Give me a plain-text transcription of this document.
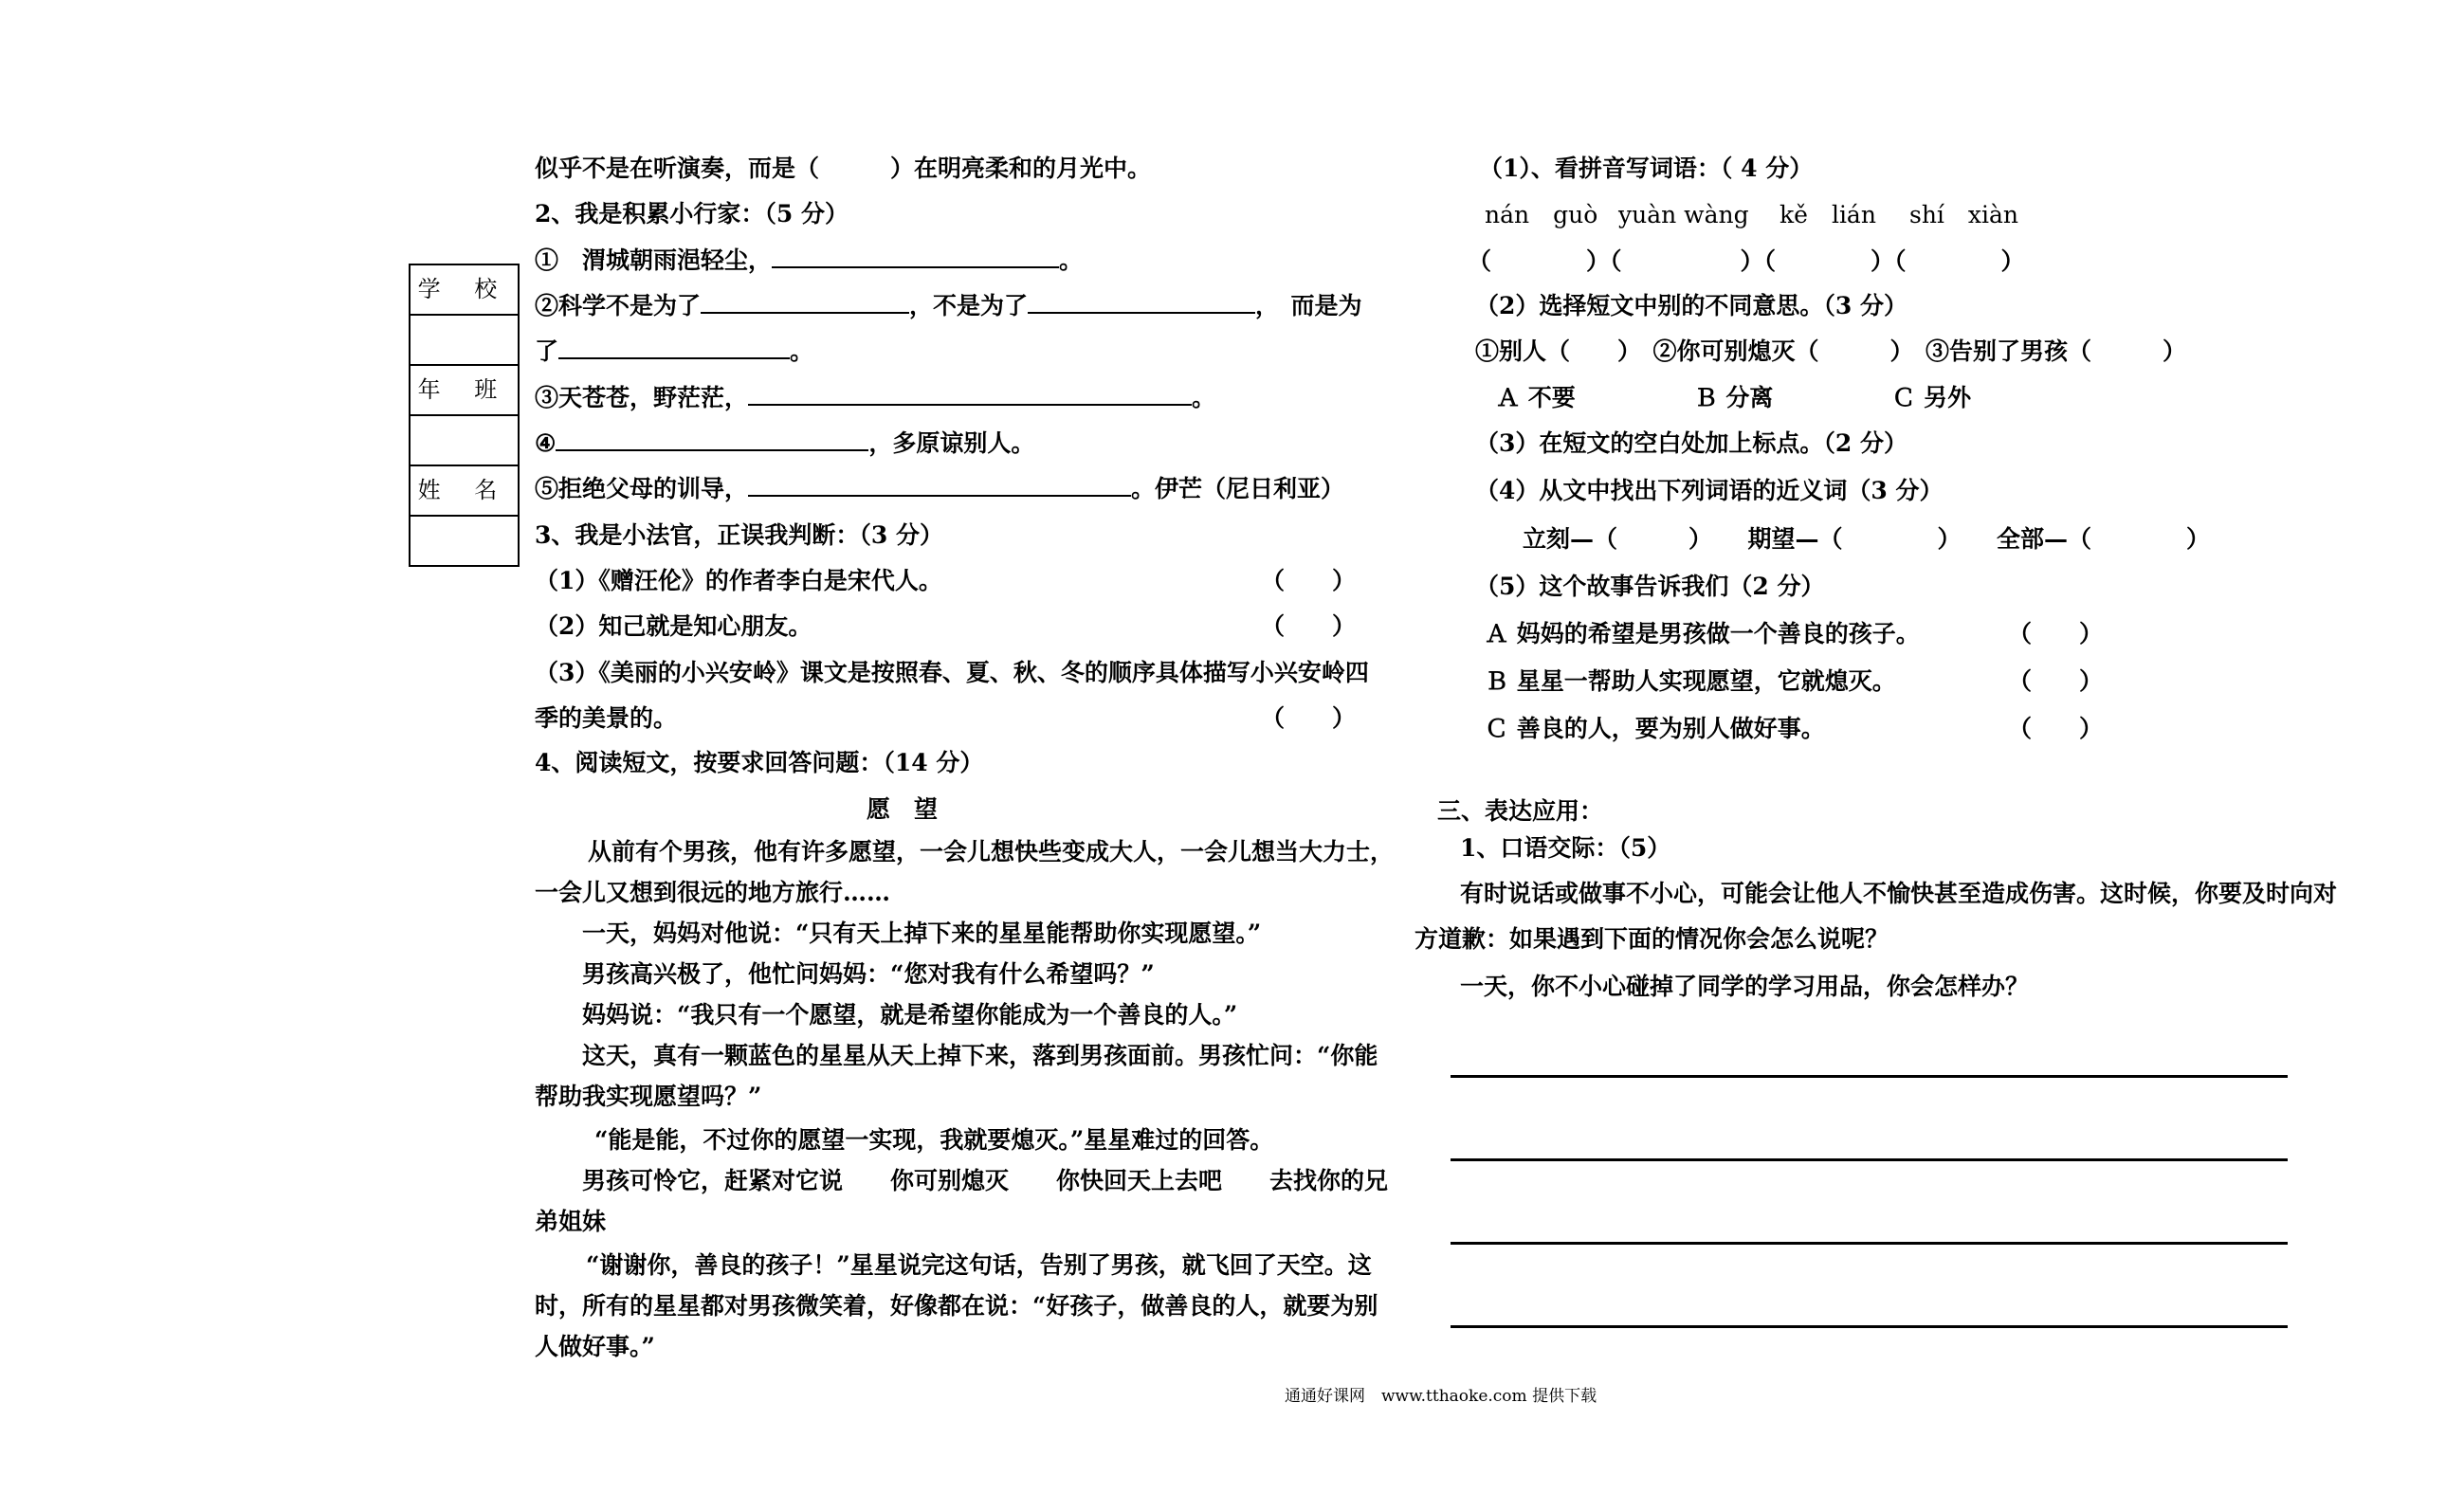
学 校
年 班
姓 名
似乎不是在听演奏，而是（　　　）在明亮柔和的月光中。
2、我是积累小行家：（5 分）
①　渭城朝雨浥轻尘，	。
②科学不是为了	，不是为了	，　而是为
了	。
③天苍苍，野茫茫，	。
④	，多原谅别人。
⑤拒绝父母的训导，	。伊芒（尼日利亚）
3、我是小法官，正误我判断：（3 分）
（1）《赠汪伦》的作者李白是宋代人。	（　　）
（2）知己就是知心朋友。	（　　）
（3）《美丽的小兴安岭》课文是按照春、夏、秋、冬的顺序具体描写小兴安岭四
季的美景的。	（　　）
4、阅读短文，按要求回答问题：（14 分）
愿　望
从前有个男孩，他有许多愿望，一会儿想快些变成大人，一会儿想当大力士，
一会儿又想到很远的地方旅行……
一天，妈妈对他说：“只有天上掉下来的星星能帮助你实现愿望。”
男孩高兴极了，他忙问妈妈：“您对我有什么希望吗？”
妈妈说：“我只有一个愿望，就是希望你能成为一个善良的人。”
这天，真有一颗蓝色的星星从天上掉下来，落到男孩面前。男孩忙问：“你能
帮助我实现愿望吗？”
“能是能，不过你的愿望一实现，我就要熄灭。”星星难过的回答。
男孩可怜它，赶紧对它说　　你可别熄灭　　你快回天上去吧　　去找你的兄
弟姐妹
“谢谢你，善良的孩子！”星星说完这句话，告别了男孩，就飞回了天空。这
时，所有的星星都对男孩微笑着，好像都在说：“好孩子，做善良的人，就要为别
人做好事。”
（1）、看拼音写词语：（ 4 分）
nán　guò yuàn wàng kě　lián shí　xiàn
（　　　　）（　　　　　）（　　　　）（　　　　）
（2）选择短文中别的不同意思。（3 分）
①别人（　　）　②你可别熄灭（　　　）　③告别了男孩（　　　）
Ａ 不要　　　　　Ｂ 分离　　　　　Ｃ 另外
（3）在短文的空白处加上标点。（2 分）
（4）从文中找出下列词语的近义词（3 分）
立刻—（　　　）　　期望—（　　　　）　　全部—（　　　　）
（5）这个故事告诉我们（2 分）
Ａ 妈妈的希望是男孩做一个善良的孩子。	（　　）
Ｂ 星星一帮助人实现愿望，它就熄灭。	（　　）
Ｃ 善良的人，要为别人做好事。	（　　）
三、表达应用：
1、口语交际：（5）
有时说话或做事不小心，可能会让他人不愉快甚至造成伤害。这时候，你要及时向对
方道歉：如果遇到下面的情况你会怎么说呢？
一天，你不小心碰掉了同学的学习用品，你会怎样办？
通通好课网　www.tthaoke.com 提供下载
